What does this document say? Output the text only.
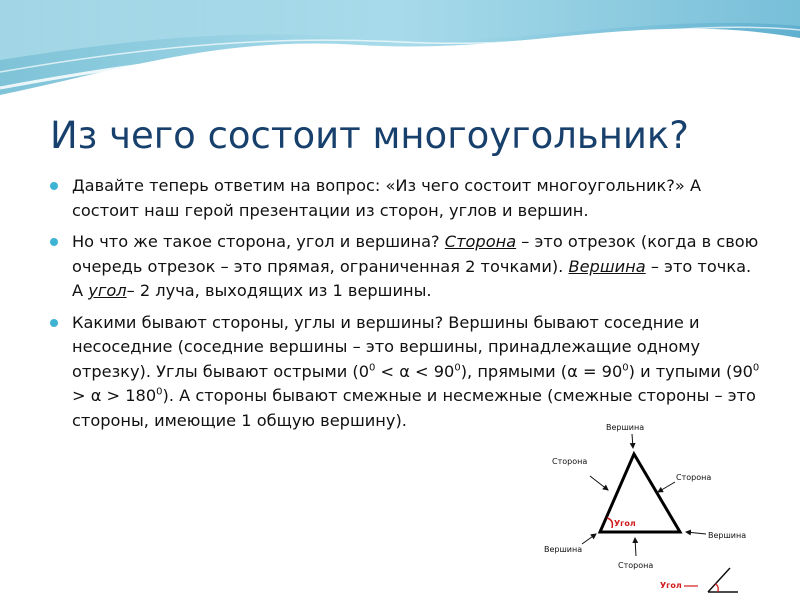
Из чего состоит многоугольник?
Давайте теперь ответим на вопрос: «Из чего состоит многоугольник?» А состоит наш герой презентации из сторон, углов и вершин.
Но что же такое сторона, угол и вершина? Сторона – это отрезок (когда в свою очередь отрезок – это прямая, ограниченная 2 точками). Вершина – это точка. А угол– 2 луча, выходящих из 1 вершины.
Какими бывают стороны, углы и вершины? Вершины бывают соседние и несоседние (соседние вершины – это вершины, принадлежащие одному отрезку). Углы бывают острыми $(0^0 < \alpha < 90^0)$, прямыми $(\alpha = 90^0)$ и тупыми $(90^0 > \alpha > 180^0)$. А стороны бывают смежные и несмежные (смежные стороны – это стороны, имеющие 1 общую вершину).	Вершина
Сторона
Сторона
Угол
Вершина
Вершина
Сторона
Угол
